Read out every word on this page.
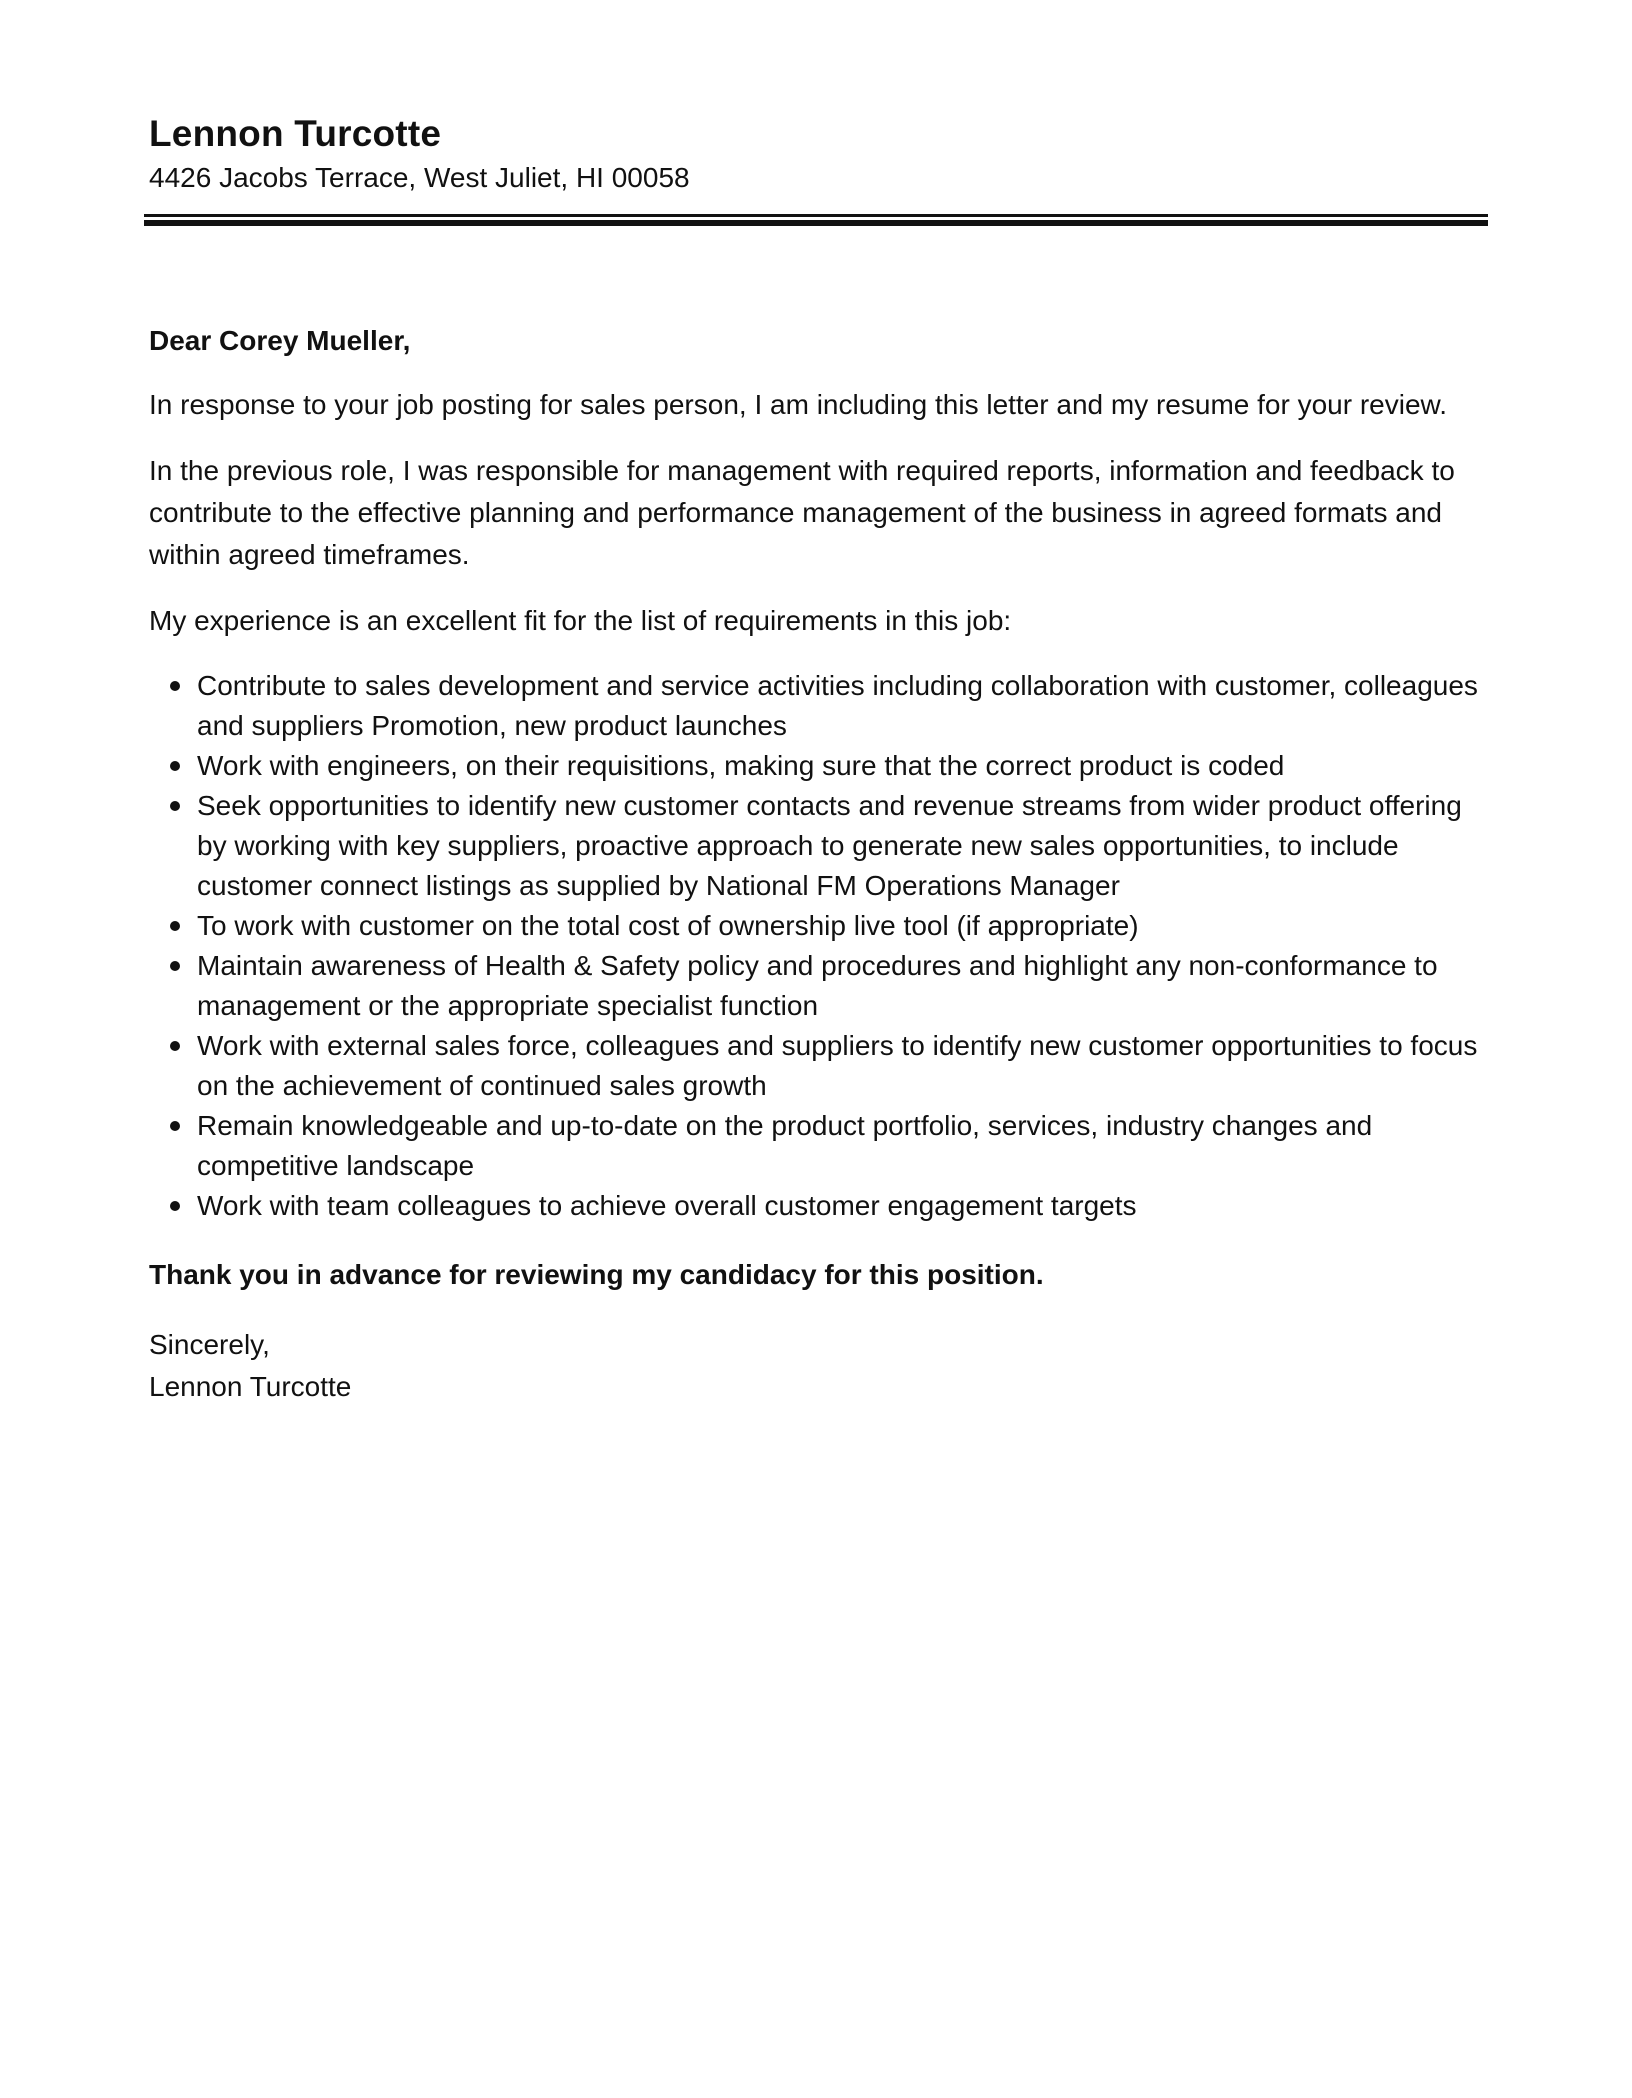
Lennon Turcotte

4426 Jacobs Terrace, West Juliet, HI 00058

Dear Corey Mueller,

In response to your job posting for sales person, I am including this letter and my resume for your review.

In the previous role, I was responsible for management with required reports, information and feedback to contribute to the effective planning and performance management of the business in agreed formats and within agreed timeframes.

My experience is an excellent fit for the list of requirements in this job:

Contribute to sales development and service activities including collaboration with customer, colleagues and suppliers Promotion, new product launches
Work with engineers, on their requisitions, making sure that the correct product is coded
Seek opportunities to identify new customer contacts and revenue streams from wider product offering by working with key suppliers, proactive approach to generate new sales opportunities, to include customer connect listings as supplied by National FM Operations Manager
To work with customer on the total cost of ownership live tool (if appropriate)
Maintain awareness of Health & Safety policy and procedures and highlight any non-conformance to management or the appropriate specialist function
Work with external sales force, colleagues and suppliers to identify new customer opportunities to focus on the achievement of continued sales growth
Remain knowledgeable and up-to-date on the product portfolio, services, industry changes and competitive landscape
Work with team colleagues to achieve overall customer engagement targets

Thank you in advance for reviewing my candidacy for this position.

Sincerely,
Lennon Turcotte
